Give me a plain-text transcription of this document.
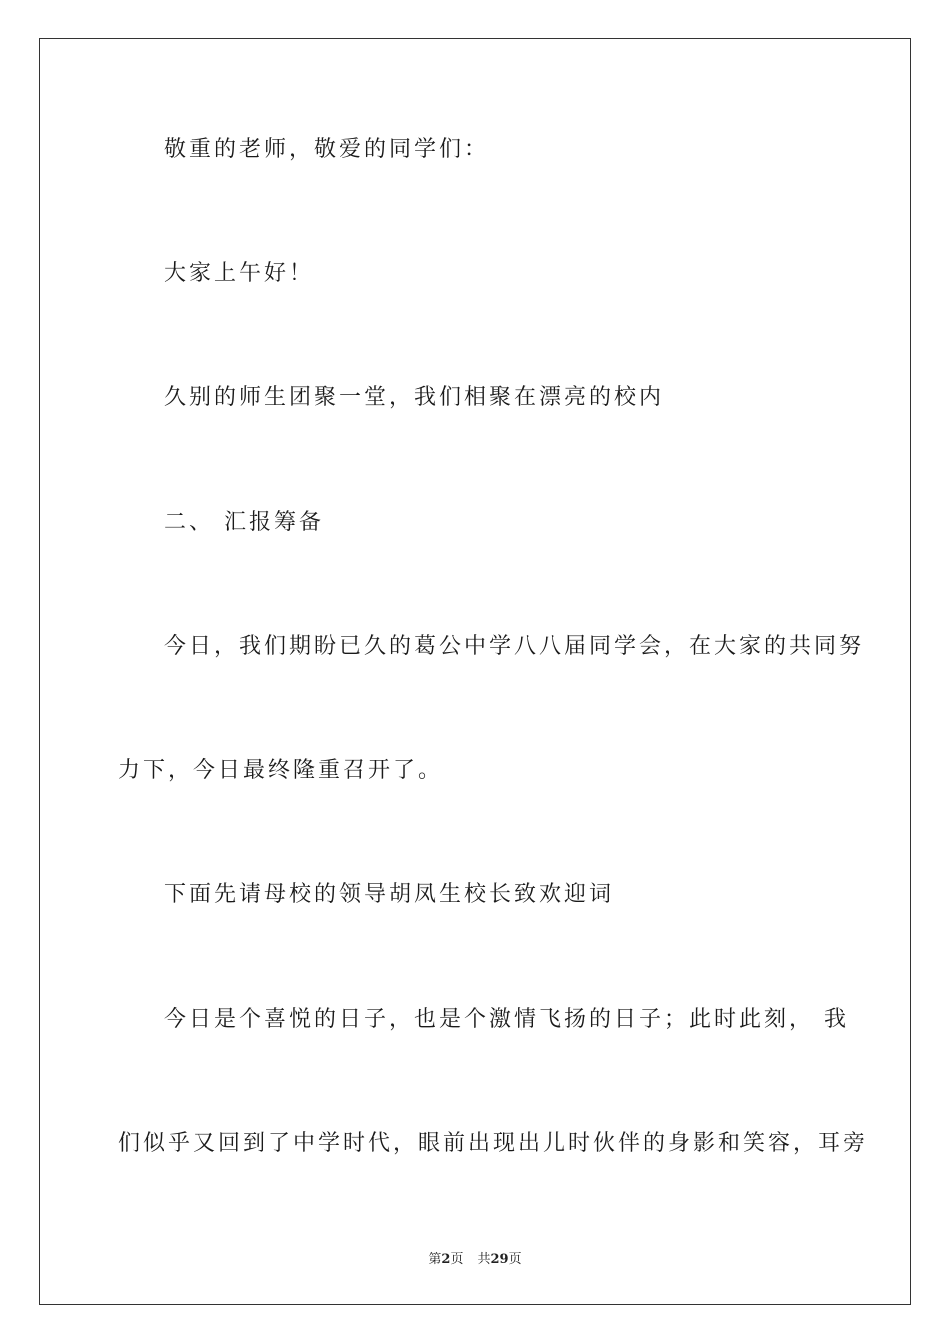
敬重的老师，敬爱的同学们：

大家上午好！

久别的师生团聚一堂，我们相聚在漂亮的校内

二、 汇报筹备

今日，我们期盼已久的葛公中学八八届同学会，在大家的共同努

力下，今日最终隆重召开了。

下面先请母校的领导胡凤生校长致欢迎词

今日是个喜悦的日子，也是个激情飞扬的日子；此时此刻， 我

们似乎又回到了中学时代，眼前出现出儿时伙伴的身影和笑容，耳旁

第2页 共29页
